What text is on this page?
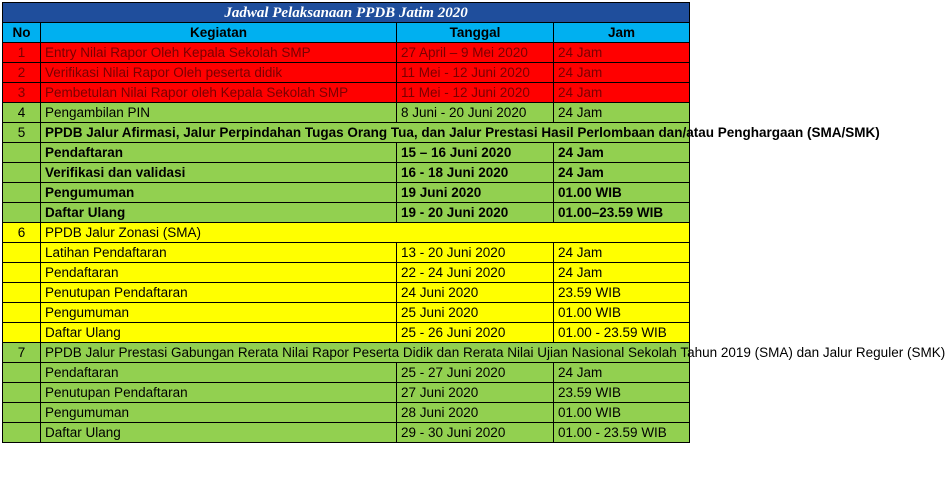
Jadwal Pelaksanaan PPDB Jatim 2020			
No	Kegiatan	Tanggal	Jam
1	Entry Nilai Rapor Oleh Kepala Sekolah SMP	27 April – 9 Mei 2020	24 Jam
2	Verifikasi Nilai Rapor Oleh peserta didik	11 Mei - 12 Juni 2020	24 Jam
3	Pembetulan Nilai Rapor oleh Kepala Sekolah SMP	11 Mei - 12 Juni 2020	24 Jam
4	Pengambilan PIN	8 Juni - 20 Juni 2020	24 Jam
5	PPDB Jalur Afirmasi, Jalur Perpindahan Tugas Orang Tua, dan Jalur Prestasi Hasil Perlombaan dan/atau Penghargaan (SMA/SMK)		
	Pendaftaran	15 – 16 Juni 2020	24 Jam
	Verifikasi dan validasi	16 - 18 Juni 2020	24 Jam
	Pengumuman	19 Juni 2020	01.00 WIB
	Daftar Ulang	19 - 20 Juni 2020	01.00–23.59 WIB
6	PPDB Jalur Zonasi (SMA)		
	Latihan Pendaftaran	13 - 20 Juni 2020	24 Jam
	Pendaftaran	22 - 24 Juni 2020	24 Jam
	Penutupan Pendaftaran	24 Juni 2020	23.59 WIB
	Pengumuman	25 Juni 2020	01.00 WIB
	Daftar Ulang	25 - 26 Juni 2020	01.00 - 23.59 WIB
7	PPDB Jalur Prestasi Gabungan Rerata Nilai Rapor Peserta Didik dan Rerata Nilai Ujian Nasional Sekolah Tahun 2019 (SMA) dan Jalur Reguler (SMK)		
	Pendaftaran	25 - 27 Juni 2020	24 Jam
	Penutupan Pendaftaran	27 Juni 2020	23.59 WIB
	Pengumuman	28 Juni 2020	01.00 WIB
	Daftar Ulang	29 - 30 Juni 2020	01.00 - 23.59 WIB
